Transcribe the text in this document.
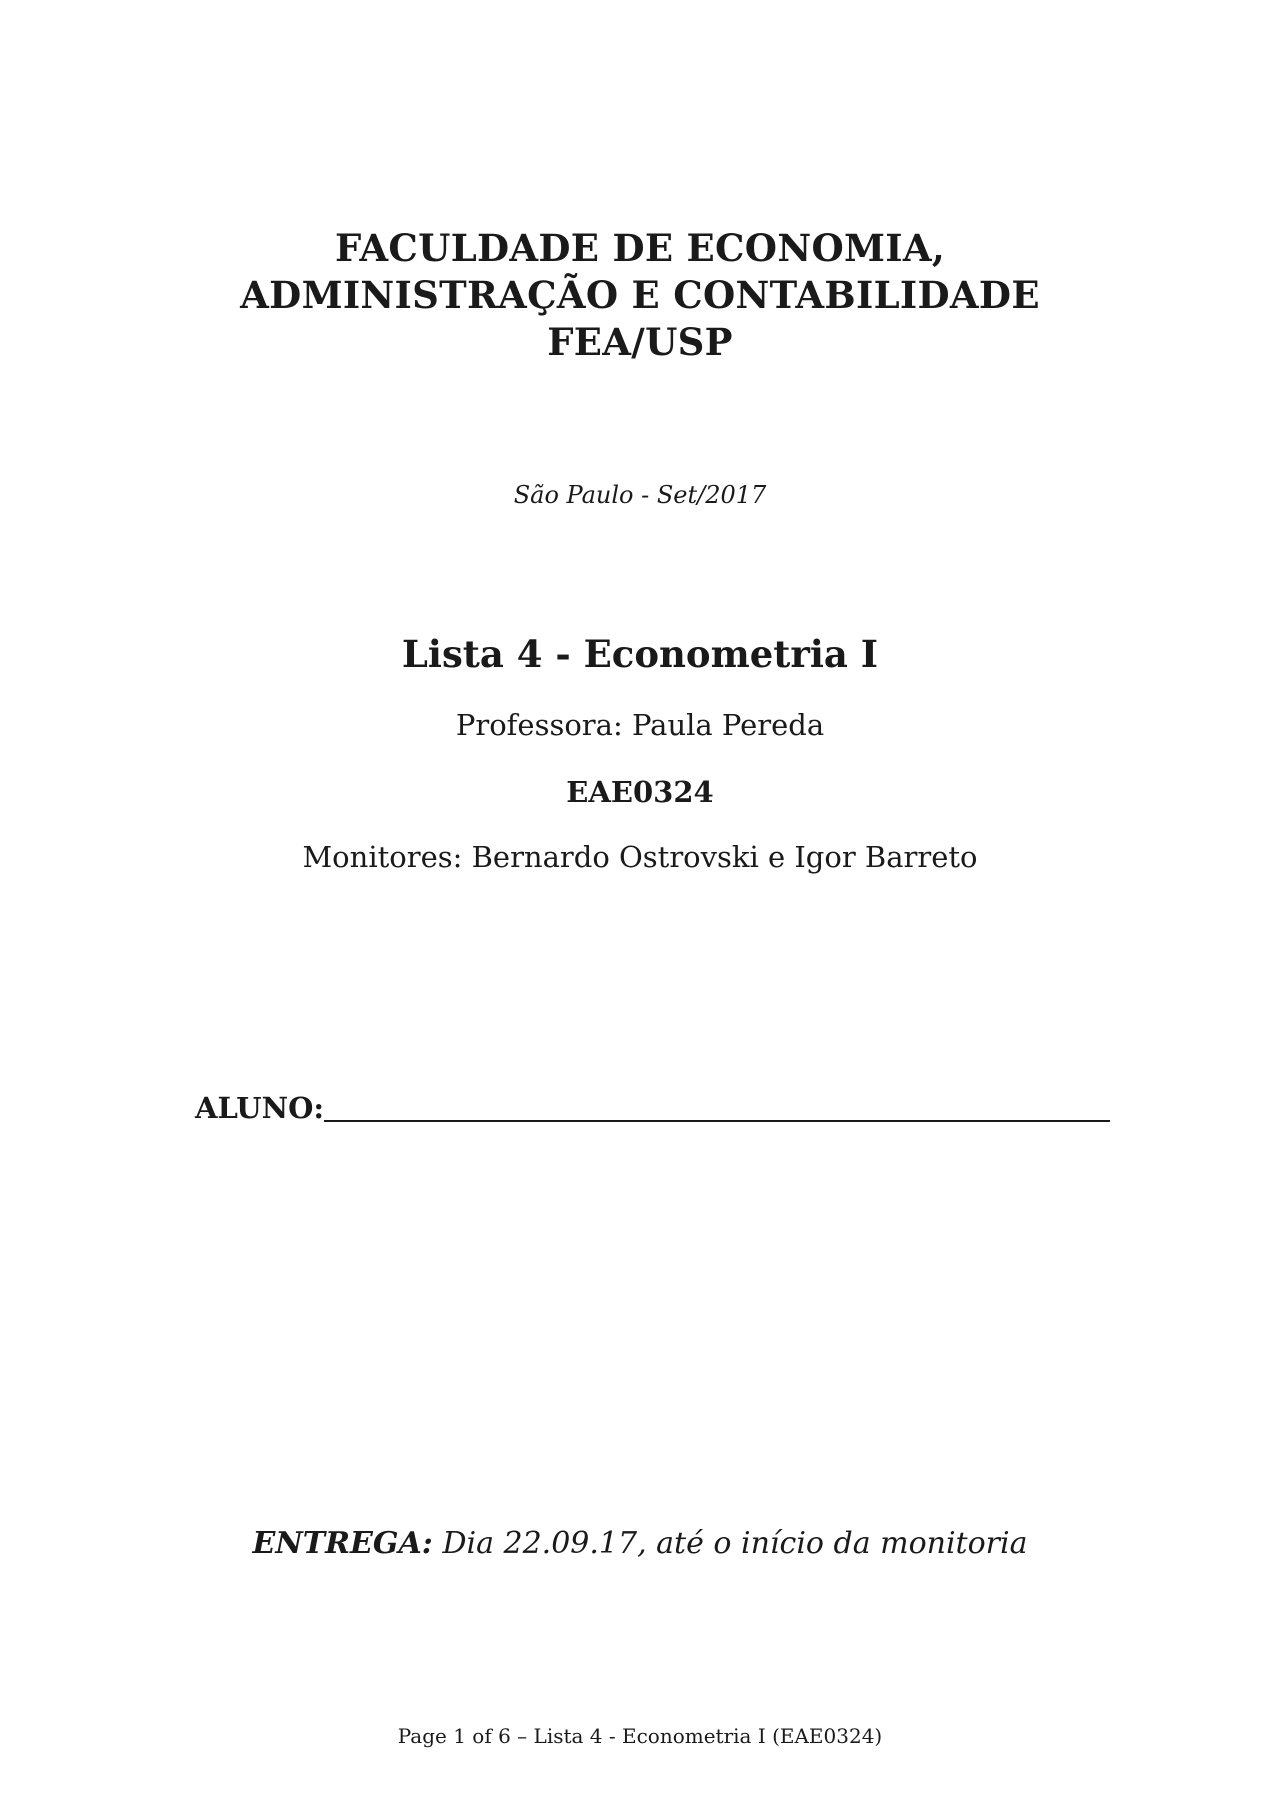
FACULDADE DE ECONOMIA,
ADMINISTRAÇÃO E CONTABILIDADE
FEA/USP
São Paulo - Set/2017
Lista 4 - Econometria I
Professora: Paula Pereda
EAE0324
Monitores: Bernardo Ostrovski e Igor Barreto
ALUNO:
ENTREGA: Dia 22.09.17, até o início da monitoria
Page 1 of 6 – Lista 4 - Econometria I (EAE0324)
